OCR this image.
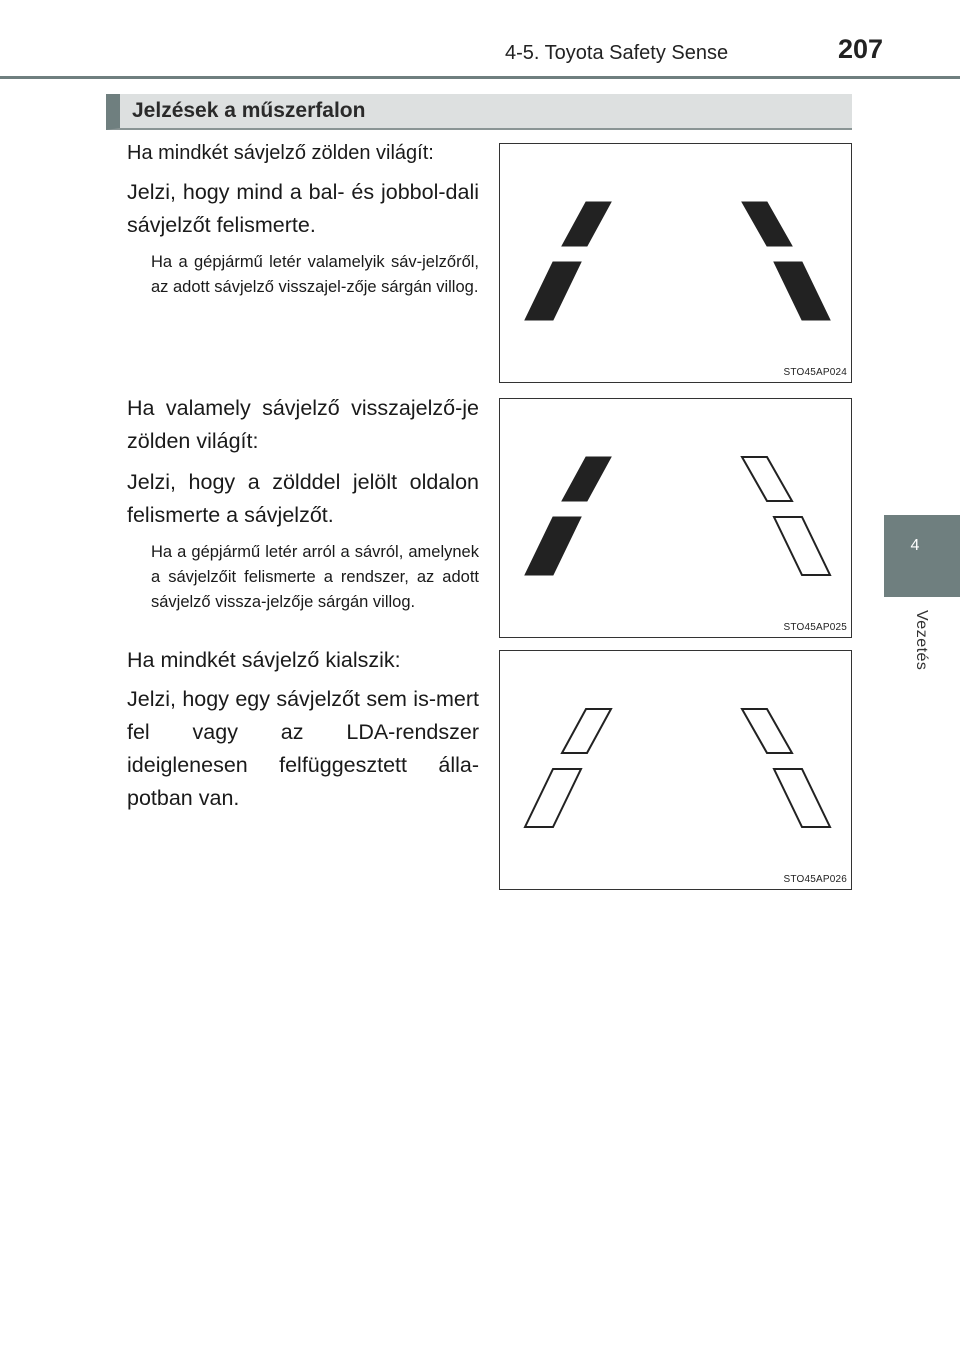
4-5. Toyota Safety Sense	207
4
Vezetés
Jelzések a műszerfalon

Ha mindkét sávjelző zölden világít:

Jelzi, hogy mind a bal- és jobbol-dali sávjelzőt felismerte.

Ha a gépjármű letér valamelyik sáv-jelzőről, az adott sávjelző visszajel-zője sárgán villog.

STO45AP024

Ha valamely sávjelző visszajelző-je zölden világít:

Jelzi, hogy a zölddel jelölt oldalon felismerte a sávjelzőt.

Ha a gépjármű letér arról a sávról, amelynek a sávjelzőit felismerte a rendszer, az adott sávjelző vissza-jelzője sárgán villog.

STO45AP025

Ha mindkét sávjelző kialszik:

Jelzi, hogy egy sávjelzőt sem is-mert fel vagy az LDA-rendszer ideiglenesen felfüggesztett álla-potban van.

STO45AP026
